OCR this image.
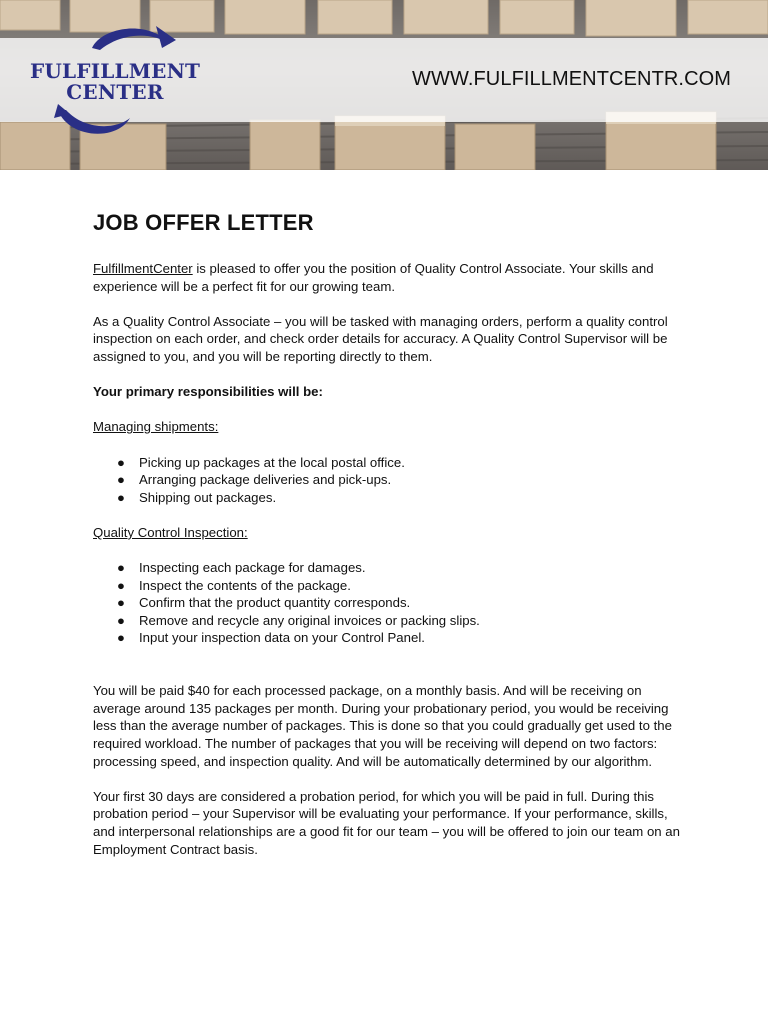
FULFILLMENT
CENTER
WWW.FULFILLMENTCENTR.COM
JOB OFFER LETTER

FulfillmentCenter is pleased to offer you the position of Quality Control Associate. Your skills and experience will be a perfect fit for our growing team.

As a Quality Control Associate – you will be tasked with managing orders, perform a quality control inspection on each order, and check order details for accuracy. A Quality Control Supervisor will be assigned to you, and you will be reporting directly to them.

Your primary responsibilities will be:

Managing shipments:
● Picking up packages at the local postal office.
● Arranging package deliveries and pick-ups.
● Shipping out packages.
Quality Control Inspection:
● Inspecting each package for damages.
● Inspect the contents of the package.
● Confirm that the product quantity corresponds.
● Remove and recycle any original invoices or packing slips.
● Input your inspection data on your Control Panel.

You will be paid $40 for each processed package, on a monthly basis. And will be receiving on average around 135 packages per month. During your probationary period, you would be receiving less than the average number of packages. This is done so that you could gradually get used to the required workload. The number of packages that you will be receiving will depend on two factors: processing speed, and inspection quality. And will be automatically determined by our algorithm.

Your first 30 days are considered a probation period, for which you will be paid in full. During this probation period – your Supervisor will be evaluating your performance. If your performance, skills, and interpersonal relationships are a good fit for our team – you will be offered to join our team on an Employment Contract basis.
